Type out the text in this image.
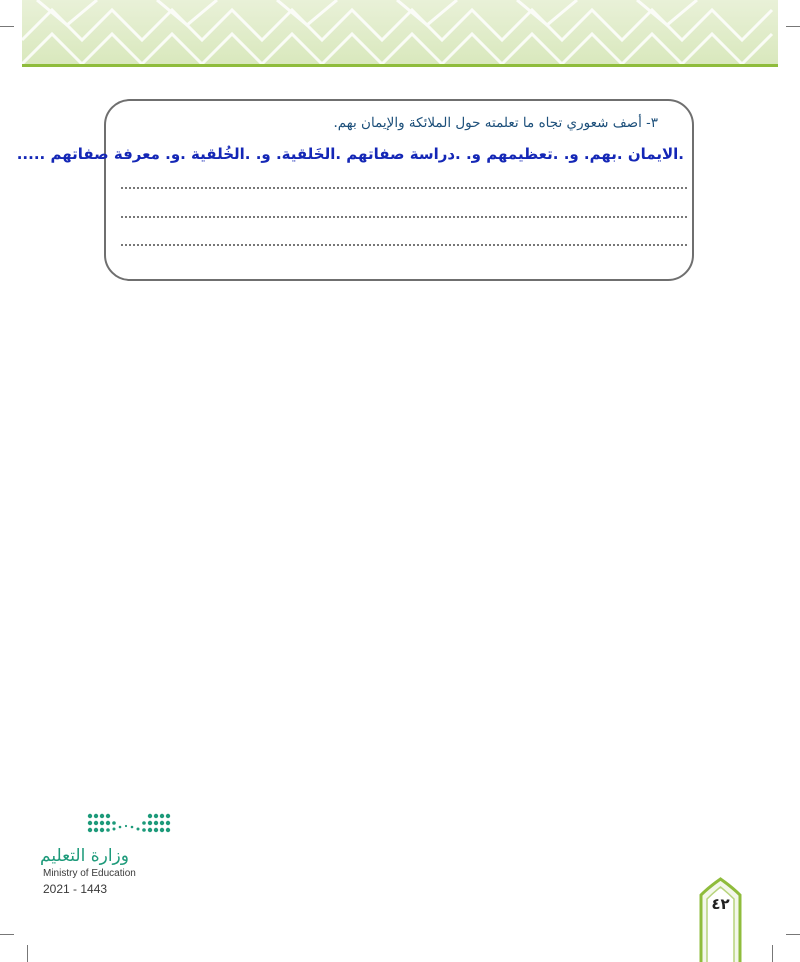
٣- أصف شعوري تجاه ما تعلمته حول الملائكة والإيمان بهم.
.الايمان .بهم. و. .تعظيمهم و. .دراسة صفاتهم .الخَلقية. و. .الخُلقية .و. معرفة صفاتهم .....
وزارة التعليم
Ministry of Education
2021 - 1443
٤٢
